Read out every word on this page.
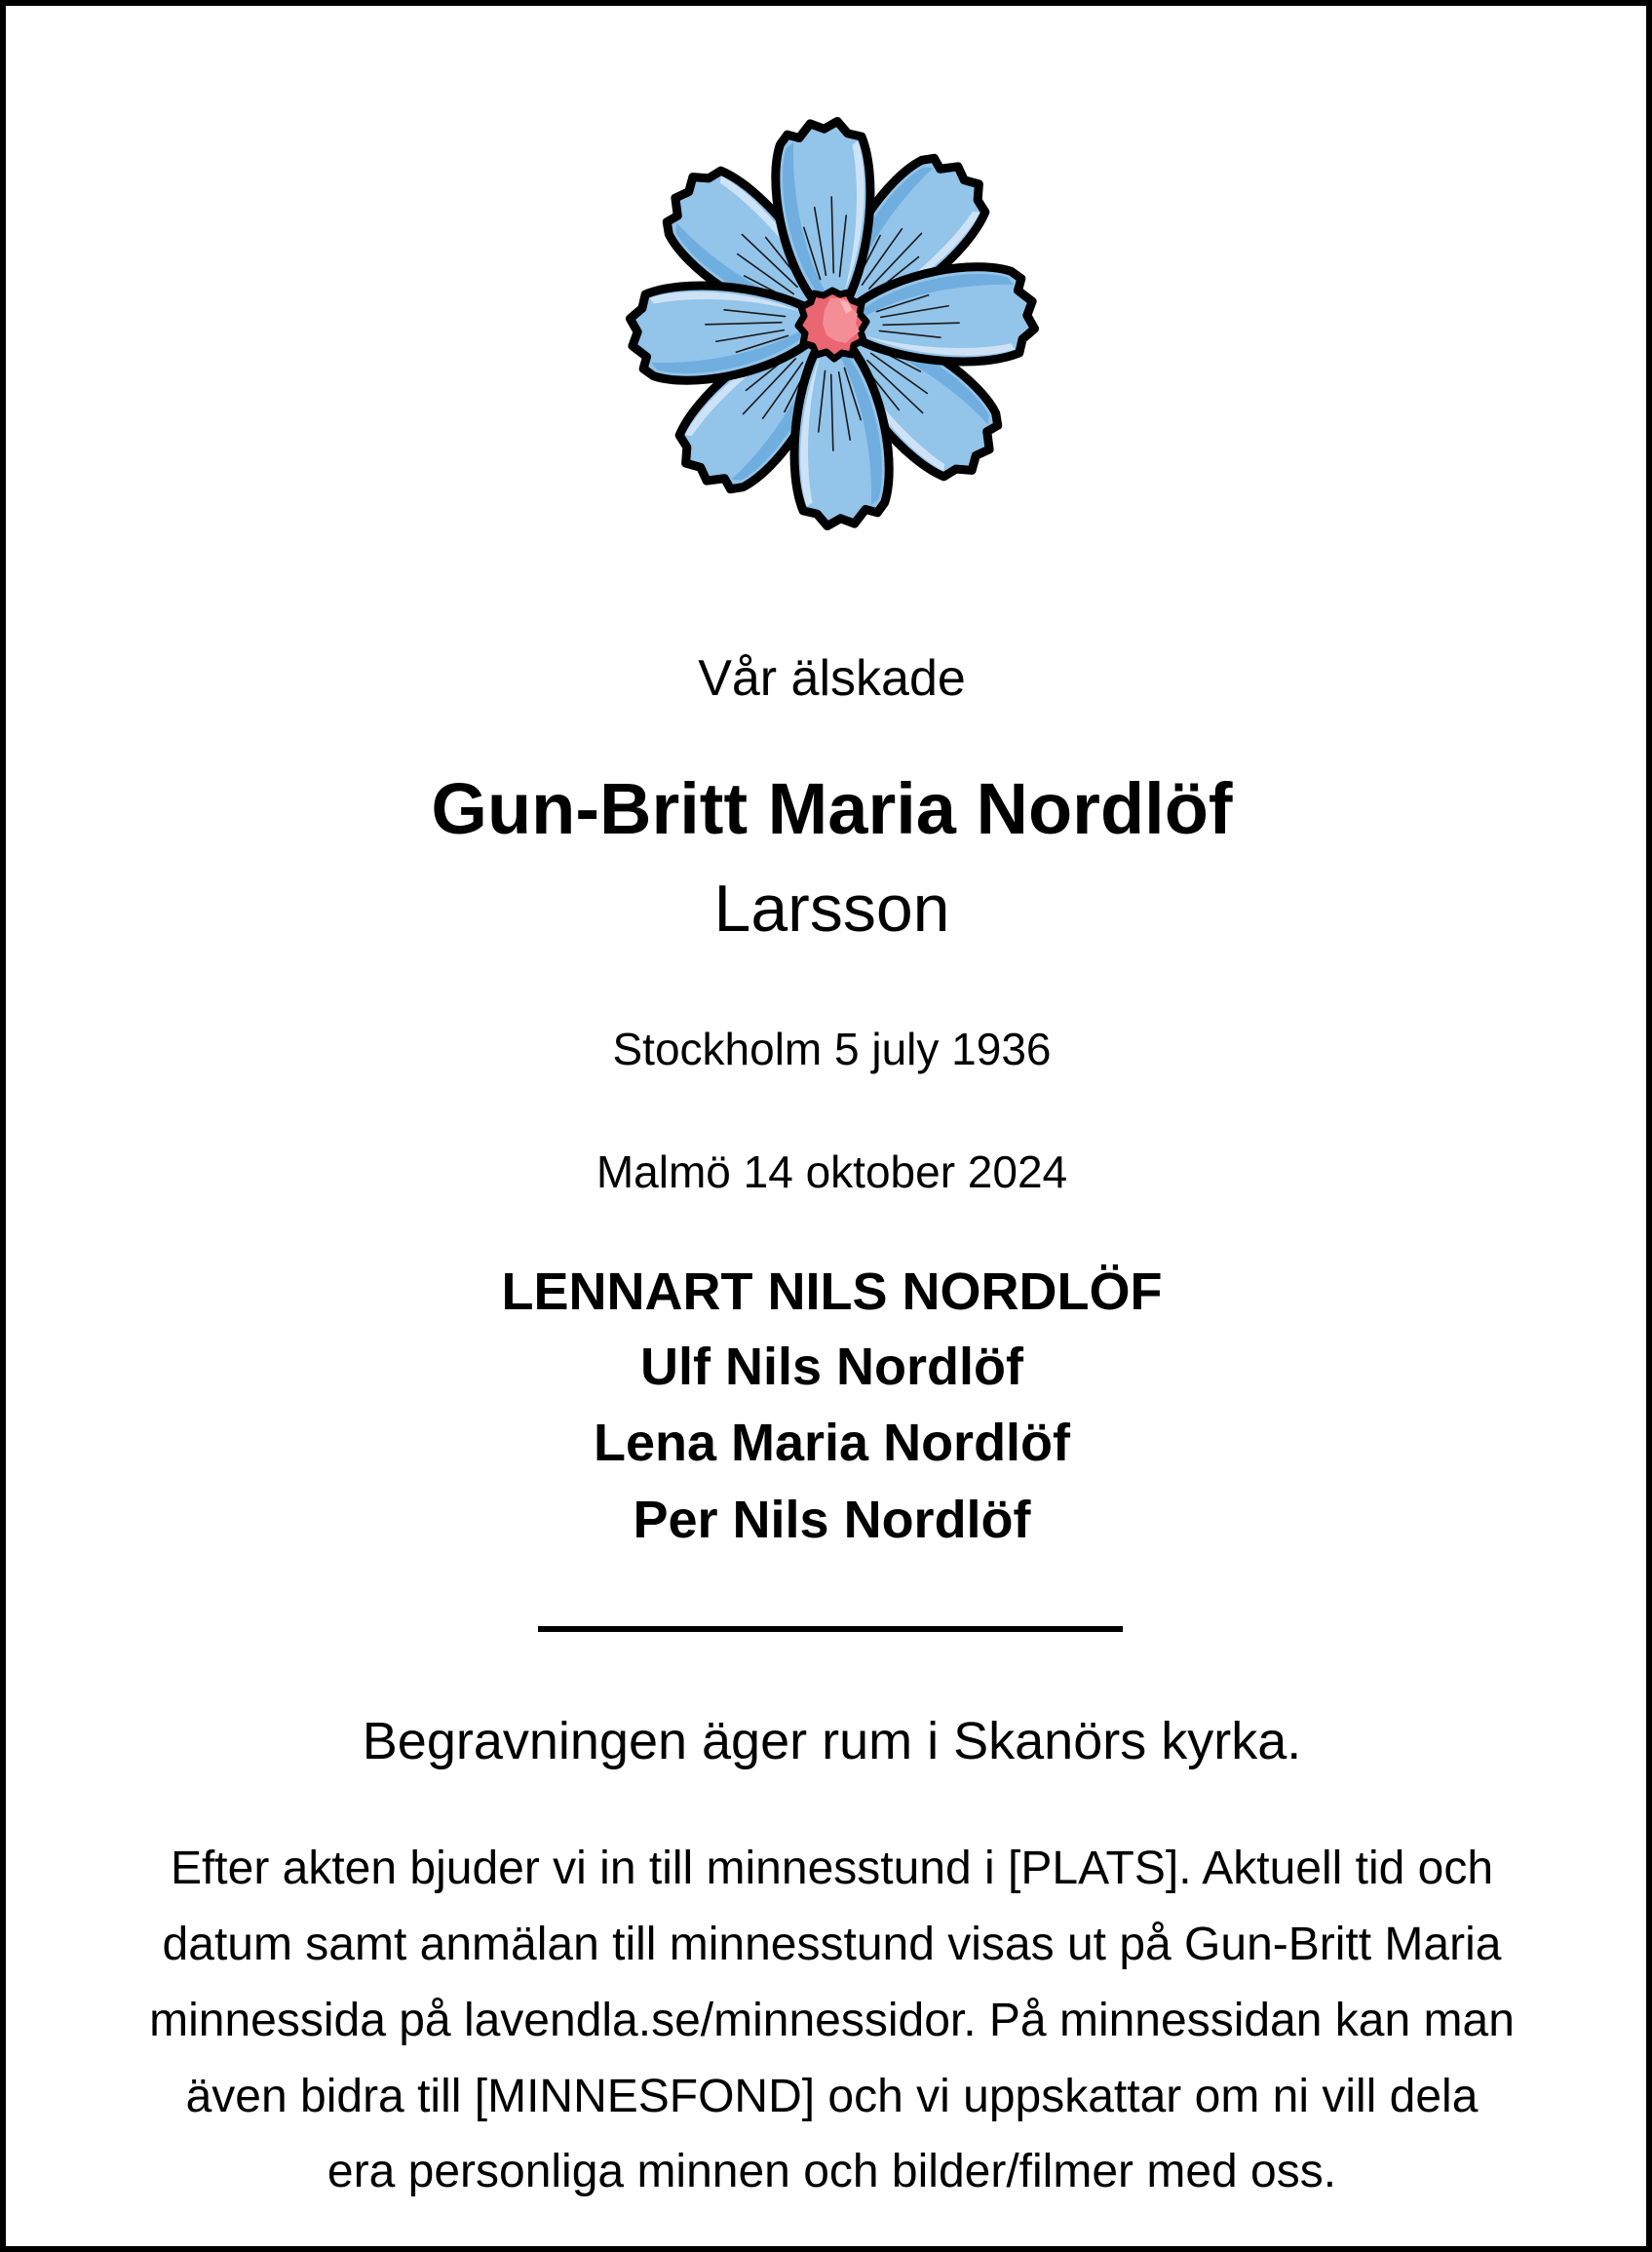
Vår älskade

Gun-Britt Maria Nordlöf

Larsson

Stockholm 5 july 1936

Malmö 14 oktober 2024

LENNART NILS NORDLÖF

Ulf Nils Nordlöf

Lena Maria Nordlöf

Per Nils Nordlöf

Begravningen äger rum i Skanörs kyrka.

Efter akten bjuder vi in till minnesstund i [PLATS]. Aktuell tid och

datum samt anmälan till minnesstund visas ut på Gun-Britt Maria

minnessida på lavendla.se/minnessidor. På minnessidan kan man

även bidra till [MINNESFOND] och vi uppskattar om ni vill dela

era personliga minnen och bilder/filmer med oss.
